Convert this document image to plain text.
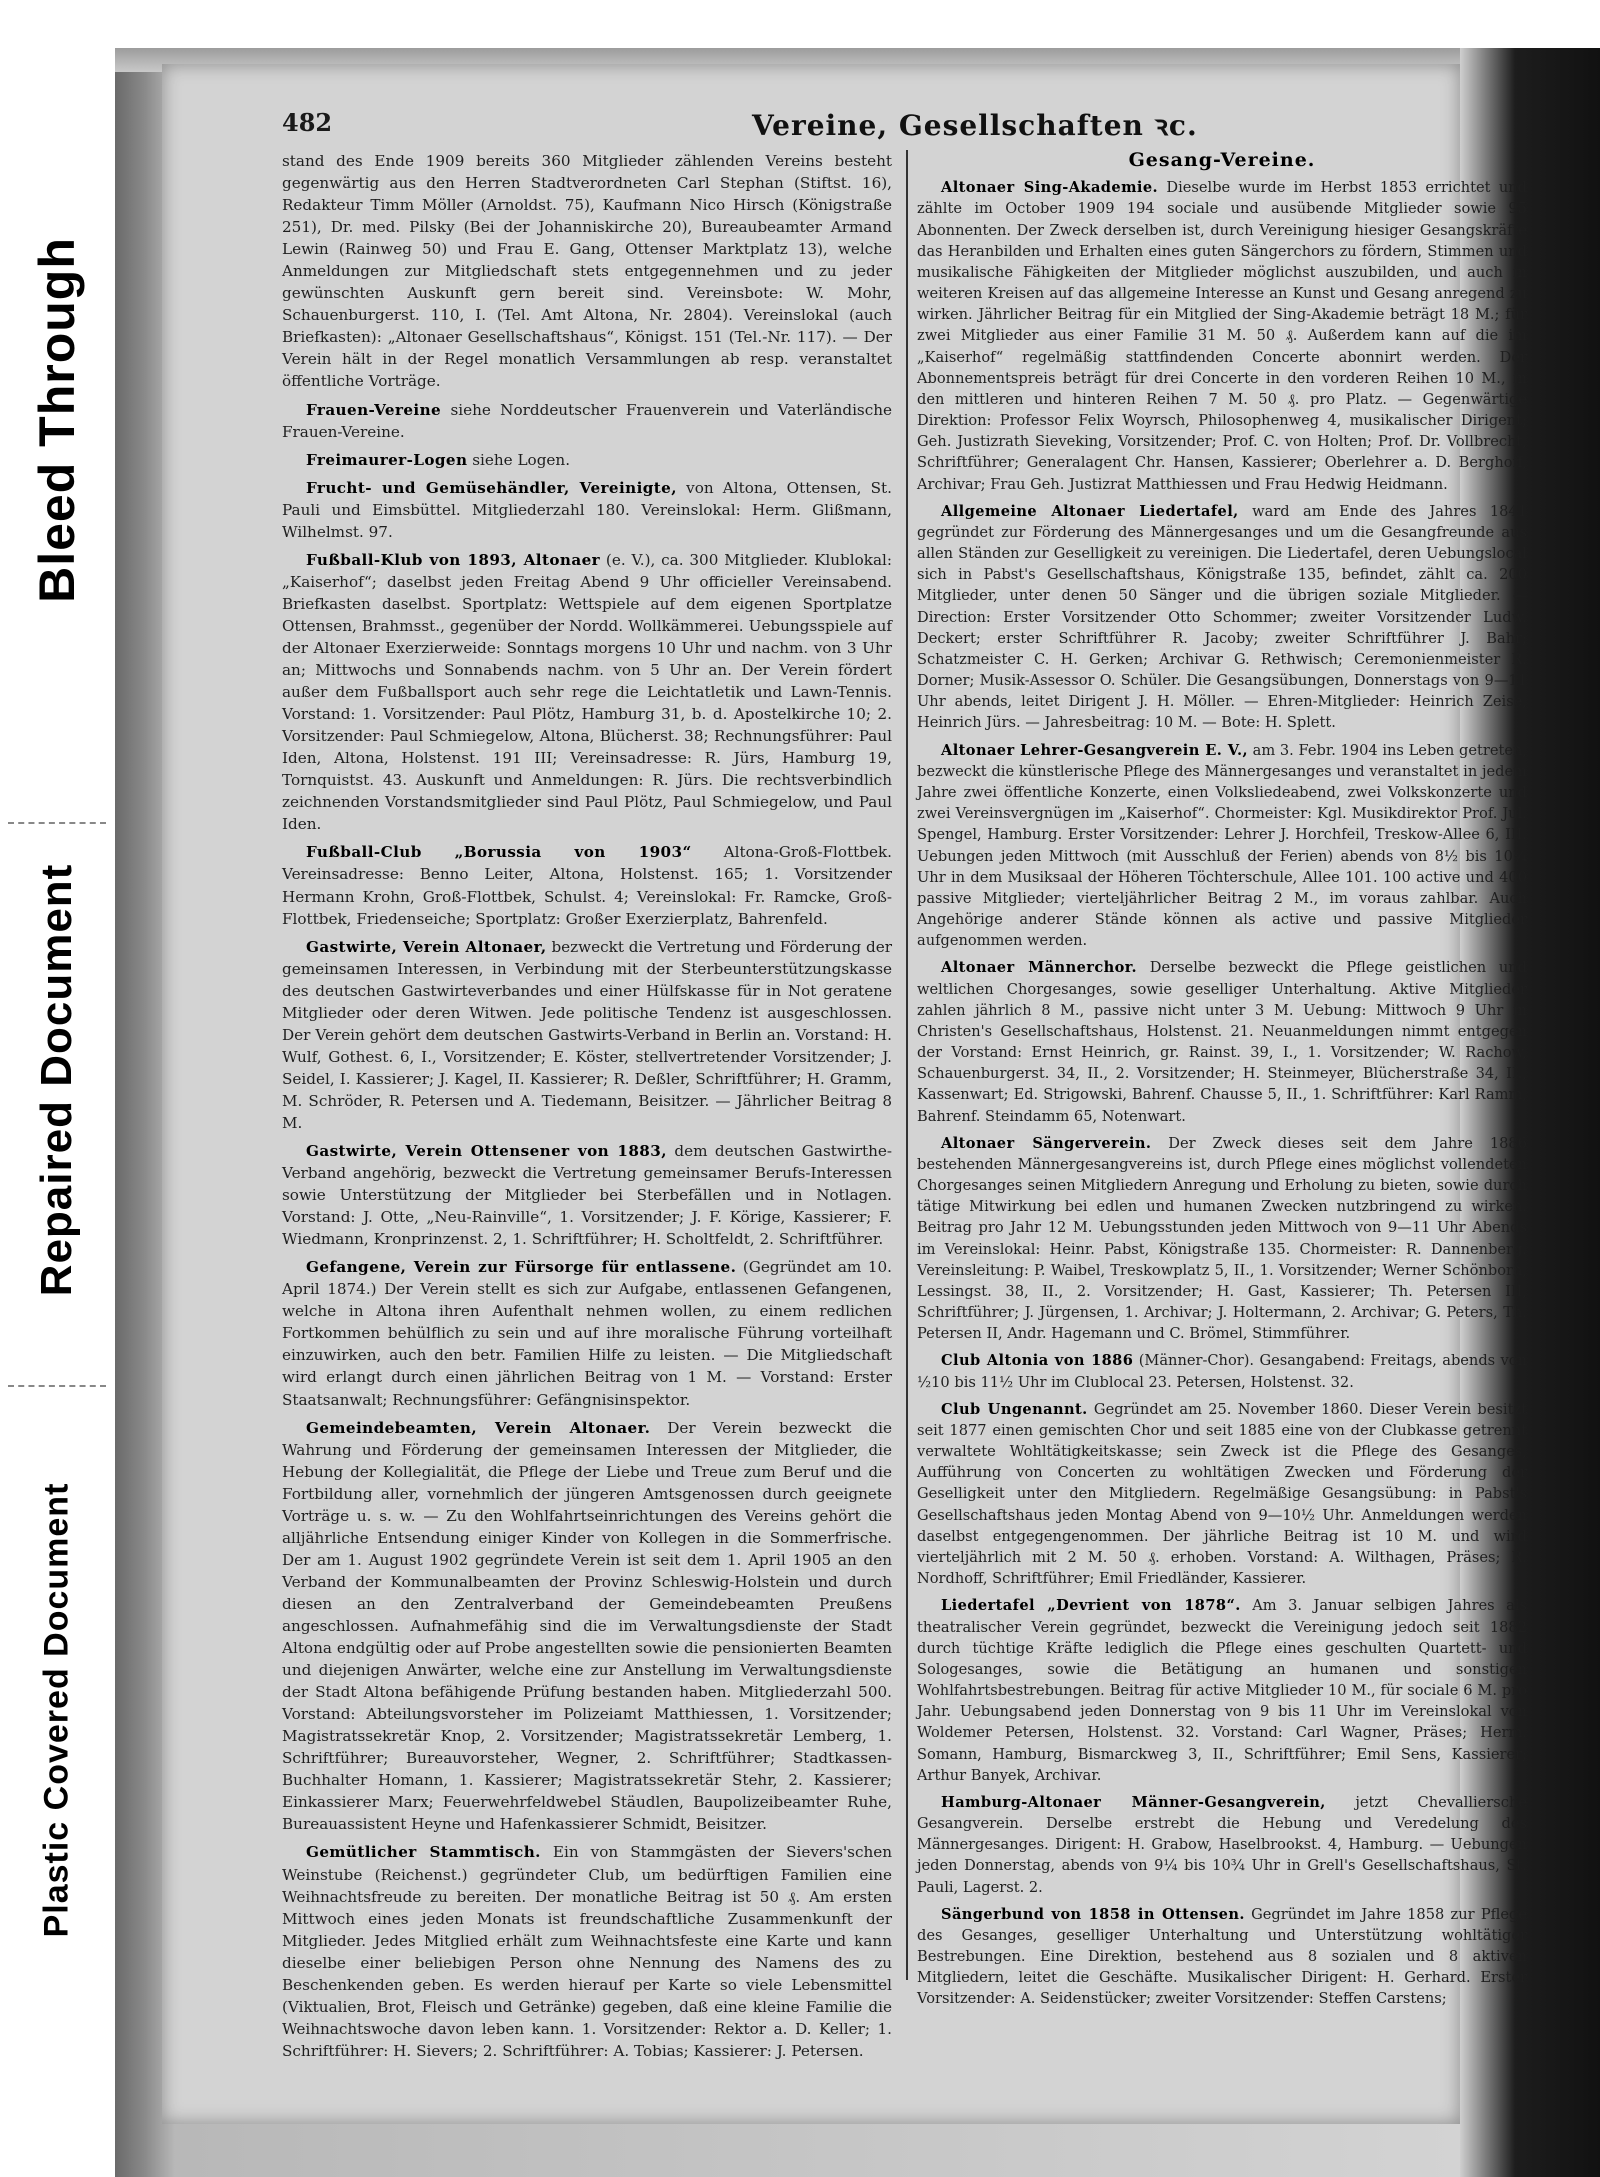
Bleed Through
Repaired Document
Plastic Covered Document
482	Vereine, Gesellschaften ꝛc.

stand des Ende 1909 bereits 360 Mitglieder zählenden Vereins besteht gegenwärtig aus den Herren Stadtverordneten Carl Stephan (Stiftst. 16), Redakteur Timm Möller (Arnoldst. 75), Kaufmann Nico Hirsch (Königstraße 251), Dr. med. Pilsky (Bei der Johanniskirche 20), Bureaubeamter Armand Lewin (Rainweg 50) und Frau E. Gang, Ottenser Marktplatz 13), welche Anmeldungen zur Mitgliedschaft stets entgegennehmen und zu jeder gewünschten Auskunft gern bereit sind. Vereinsbote: W. Mohr, Schauenburgerst. 110, I. (Tel. Amt Altona, Nr. 2804). Vereinslokal (auch Briefkasten): „Altonaer Gesellschaftshaus“, Königst. 151 (Tel.-Nr. 117). — Der Verein hält in der Regel monatlich Versammlungen ab resp. veranstaltet öffentliche Vorträge.

Frauen-Vereine siehe Norddeutscher Frauenverein und Vaterländische Frauen-Vereine.

Freimaurer-Logen siehe Logen.

Frucht- und Gemüsehändler, Vereinigte, von Altona, Ottensen, St. Pauli und Eimsbüttel. Mitgliederzahl 180. Vereinslokal: Herm. Glißmann, Wilhelmst. 97.

Fußball-Klub von 1893, Altonaer (e. V.), ca. 300 Mitglieder. Klublokal: „Kaiserhof“; daselbst jeden Freitag Abend 9 Uhr officieller Vereinsabend. Briefkasten daselbst. Sportplatz: Wettspiele auf dem eigenen Sportplatze Ottensen, Brahmsst., gegenüber der Nordd. Wollkämmerei. Uebungsspiele auf der Altonaer Exerzierweide: Sonntags morgens 10 Uhr und nachm. von 3 Uhr an; Mittwochs und Sonnabends nachm. von 5 Uhr an. Der Verein fördert außer dem Fußballsport auch sehr rege die Leichtatletik und Lawn-Tennis. Vorstand: 1. Vorsitzender: Paul Plötz, Hamburg 31, b. d. Apostelkirche 10; 2. Vorsitzender: Paul Schmiegelow, Altona, Blücherst. 38; Rechnungsführer: Paul Iden, Altona, Holstenst. 191 III; Vereinsadresse: R. Jürs, Hamburg 19, Tornquistst. 43. Auskunft und Anmeldungen: R. Jürs. Die rechtsverbindlich zeichnenden Vorstandsmitglieder sind Paul Plötz, Paul Schmiegelow, und Paul Iden.

Fußball-Club „Borussia von 1903“ Altona-Groß-Flottbek. Vereinsadresse: Benno Leiter, Altona, Holstenst. 165; 1. Vorsitzender Hermann Krohn, Groß-Flottbek, Schulst. 4; Vereinslokal: Fr. Ramcke, Groß-Flottbek, Friedenseiche; Sportplatz: Großer Exerzierplatz, Bahrenfeld.

Gastwirte, Verein Altonaer, bezweckt die Vertretung und Förderung der gemeinsamen Interessen, in Verbindung mit der Sterbeunterstützungskasse des deutschen Gastwirteverbandes und einer Hülfskasse für in Not geratene Mitglieder oder deren Witwen. Jede politische Tendenz ist ausgeschlossen. Der Verein gehört dem deutschen Gastwirts-Verband in Berlin an. Vorstand: H. Wulf, Gothest. 6, I., Vorsitzender; E. Köster, stellvertretender Vorsitzender; J. Seidel, I. Kassierer; J. Kagel, II. Kassierer; R. Deßler, Schriftführer; H. Gramm, M. Schröder, R. Petersen und A. Tiedemann, Beisitzer. — Jährlicher Beitrag 8 M.

Gastwirte, Verein Ottensener von 1883, dem deutschen Gastwirthe-Verband angehörig, bezweckt die Vertretung gemeinsamer Berufs-Interessen sowie Unterstützung der Mitglieder bei Sterbefällen und in Notlagen. Vorstand: J. Otte, „Neu-Rainville“, 1. Vorsitzender; J. F. Körige, Kassierer; F. Wiedmann, Kronprinzenst. 2, 1. Schriftführer; H. Scholtfeldt, 2. Schriftführer.

Gefangene, Verein zur Fürsorge für entlassene. (Gegründet am 10. April 1874.) Der Verein stellt es sich zur Aufgabe, entlassenen Gefangenen, welche in Altona ihren Aufenthalt nehmen wollen, zu einem redlichen Fortkommen behülflich zu sein und auf ihre moralische Führung vorteilhaft einzuwirken, auch den betr. Familien Hilfe zu leisten. — Die Mitgliedschaft wird erlangt durch einen jährlichen Beitrag von 1 M. — Vorstand: Erster Staatsanwalt; Rechnungsführer: Gefängnisinspektor.

Gemeindebeamten, Verein Altonaer. Der Verein bezweckt die Wahrung und Förderung der gemeinsamen Interessen der Mitglieder, die Hebung der Kollegialität, die Pflege der Liebe und Treue zum Beruf und die Fortbildung aller, vornehmlich der jüngeren Amtsgenossen durch geeignete Vorträge u. s. w. — Zu den Wohlfahrtseinrichtungen des Vereins gehört die alljährliche Entsendung einiger Kinder von Kollegen in die Sommerfrische. Der am 1. August 1902 gegründete Verein ist seit dem 1. April 1905 an den Verband der Kommunalbeamten der Provinz Schleswig-Holstein und durch diesen an den Zentralverband der Gemeindebeamten Preußens angeschlossen. Aufnahmefähig sind die im Verwaltungsdienste der Stadt Altona endgültig oder auf Probe angestellten sowie die pensionierten Beamten und diejenigen Anwärter, welche eine zur Anstellung im Verwaltungsdienste der Stadt Altona befähigende Prüfung bestanden haben. Mitgliederzahl 500. Vorstand: Abteilungsvorsteher im Polizeiamt Matthiessen, 1. Vorsitzender; Magistratssekretär Knop, 2. Vorsitzender; Magistratssekretär Lemberg, 1. Schriftführer; Bureauvorsteher, Wegner, 2. Schriftführer; Stadtkassen-Buchhalter Homann, 1. Kassierer; Magistratssekretär Stehr, 2. Kassierer; Einkassierer Marx; Feuerwehrfeldwebel Stäudlen, Baupolizeibeamter Ruhe, Bureauassistent Heyne und Hafenkassierer Schmidt, Beisitzer.

Gemütlicher Stammtisch. Ein von Stammgästen der Sievers'schen Weinstube (Reichenst.) gegründeter Club, um bedürftigen Familien eine Weihnachtsfreude zu bereiten. Der monatliche Beitrag ist 50 ₰. Am ersten Mittwoch eines jeden Monats ist freundschaftliche Zusammenkunft der Mitglieder. Jedes Mitglied erhält zum Weihnachtsfeste eine Karte und kann dieselbe einer beliebigen Person ohne Nennung des Namens des zu Beschenkenden geben. Es werden hierauf per Karte so viele Lebensmittel (Viktualien, Brot, Fleisch und Getränke) gegeben, daß eine kleine Familie die Weihnachtswoche davon leben kann. 1. Vorsitzender: Rektor a. D. Keller; 1. Schriftführer: H. Sievers; 2. Schriftführer: A. Tobias; Kassierer: J. Petersen.

Gesang-Vereine.

Altonaer Sing-Akademie. Dieselbe wurde im Herbst 1853 errichtet und zählte im October 1909 194 sociale und ausübende Mitglieder sowie 95 Abonnenten. Der Zweck derselben ist, durch Vereinigung hiesiger Gesangskräfte das Heranbilden und Erhalten eines guten Sängerchors zu fördern, Stimmen und musikalische Fähigkeiten der Mitglieder möglichst auszubilden, und auch in weiteren Kreisen auf das allgemeine Interesse an Kunst und Gesang anregend zu wirken. Jährlicher Beitrag für ein Mitglied der Sing-Akademie beträgt 18 M.; für zwei Mitglieder aus einer Familie 31 M. 50 ₰. Außerdem kann auf die im „Kaiserhof“ regelmäßig stattfindenden Concerte abonnirt werden. Der Abonnementspreis beträgt für drei Concerte in den vorderen Reihen 10 M., in den mittleren und hinteren Reihen 7 M. 50 ₰. pro Platz. — Gegenwärtige Direktion: Professor Felix Woyrsch, Philosophenweg 4, musikalischer Dirigent; Geh. Justizrath Sieveking, Vorsitzender; Prof. C. von Holten; Prof. Dr. Vollbrecht, Schriftführer; Generalagent Chr. Hansen, Kassierer; Oberlehrer a. D. Berghoff, Archivar; Frau Geh. Justizrat Matthiessen und Frau Hedwig Heidmann.

Allgemeine Altonaer Liedertafel, ward am Ende des Jahres 1841 gegründet zur Förderung des Männergesanges und um die Gesangfreunde aus allen Ständen zur Geselligkeit zu vereinigen. Die Liedertafel, deren Uebungslocal sich in Pabst's Gesellschaftshaus, Königstraße 135, befindet, zählt ca. 200 Mitglieder, unter denen 50 Sänger und die übrigen soziale Mitglieder. — Direction: Erster Vorsitzender Otto Schommer; zweiter Vorsitzender Ludw. Deckert; erster Schriftführer R. Jacoby; zweiter Schriftführer J. Bahr; Schatzmeister C. H. Gerken; Archivar G. Rethwisch; Ceremonienmeister R. Dorner; Musik-Assessor O. Schüler. Die Gesangsübungen, Donnerstags von 9—11 Uhr abends, leitet Dirigent J. H. Möller. — Ehren-Mitglieder: Heinrich Zeise, Heinrich Jürs. — Jahresbeitrag: 10 M. — Bote: H. Splett.

Altonaer Lehrer-Gesangverein E. V., am 3. Febr. 1904 ins Leben getreten, bezweckt die künstlerische Pflege des Männergesanges und veranstaltet in jedem Jahre zwei öffentliche Konzerte, einen Volksliedeabend, zwei Volkskonzerte und zwei Vereinsvergnügen im „Kaiserhof“. Chormeister: Kgl. Musikdirektor Prof. Jul. Spengel, Hamburg. Erster Vorsitzender: Lehrer J. Horchfeil, Treskow-Allee 6, III. Uebungen jeden Mittwoch (mit Ausschluß der Ferien) abends von 8½ bis 10¼ Uhr in dem Musiksaal der Höheren Töchterschule, Allee 101. 100 active und 400 passive Mitglieder; vierteljährlicher Beitrag 2 M., im voraus zahlbar. Auch Angehörige anderer Stände können als active und passive Mitglieder aufgenommen werden.

Altonaer Männerchor. Derselbe bezweckt die Pflege geistlichen und weltlichen Chorgesanges, sowie geselliger Unterhaltung. Aktive Mitglieder zahlen jährlich 8 M., passive nicht unter 3 M. Uebung: Mittwoch 9 Uhr in Christen's Gesellschaftshaus, Holstenst. 21. Neuanmeldungen nimmt entgegen der Vorstand: Ernst Heinrich, gr. Rainst. 39, I., 1. Vorsitzender; W. Rachow, Schauenburgerst. 34, II., 2. Vorsitzender; H. Steinmeyer, Blücherstraße 34, II., Kassenwart; Ed. Strigowski, Bahrenf. Chausse 5, II., 1. Schriftführer: Karl Ramm, Bahrenf. Steindamm 65, Notenwart.

Altonaer Sängerverein. Der Zweck dieses seit dem Jahre 1886 bestehenden Männergesangvereins ist, durch Pflege eines möglichst vollendeten Chorgesanges seinen Mitgliedern Anregung und Erholung zu bieten, sowie durch tätige Mitwirkung bei edlen und humanen Zwecken nutzbringend zu wirken. Beitrag pro Jahr 12 M. Uebungsstunden jeden Mittwoch von 9—11 Uhr Abends im Vereinslokal: Heinr. Pabst, Königstraße 135. Chormeister: R. Dannenberg. Vereinsleitung: P. Waibel, Treskowplatz 5, II., 1. Vorsitzender; Werner Schönborn, Lessingst. 38, II., 2. Vorsitzender; H. Gast, Kassierer; Th. Petersen III, Schriftführer; J. Jürgensen, 1. Archivar; J. Holtermann, 2. Archivar; G. Peters, Th. Petersen II, Andr. Hagemann und C. Brömel, Stimmführer.

Club Altonia von 1886 (Männer-Chor). Gesangabend: Freitags, abends von ½10 bis 11½ Uhr im Clublocal 23. Petersen, Holstenst. 32.

Club Ungenannt. Gegründet am 25. November 1860. Dieser Verein besitzt seit 1877 einen gemischten Chor und seit 1885 eine von der Clubkasse getrennt verwaltete Wohltätigkeitskasse; sein Zweck ist die Pflege des Gesanges, Aufführung von Concerten zu wohltätigen Zwecken und Förderung der Geselligkeit unter den Mitgliedern. Regelmäßige Gesangsübung: in Pabst's Gesellschaftshaus jeden Montag Abend von 9—10½ Uhr. Anmeldungen werden daselbst entgegengenommen. Der jährliche Beitrag ist 10 M. und wird vierteljährlich mit 2 M. 50 ₰. erhoben. Vorstand: A. Wilthagen, Präses; R. Nordhoff, Schriftführer; Emil Friedländer, Kassierer.

Liedertafel „Devrient von 1878“. Am 3. Januar selbigen Jahres als theatralischer Verein gegründet, bezweckt die Vereinigung jedoch seit 1882 durch tüchtige Kräfte lediglich die Pflege eines geschulten Quartett- und Sologesanges, sowie die Betätigung an humanen und sonstigen Wohlfahrtsbestrebungen. Beitrag für active Mitglieder 10 M., für sociale 6 M. pro Jahr. Uebungsabend jeden Donnerstag von 9 bis 11 Uhr im Vereinslokal von Woldemer Petersen, Holstenst. 32. Vorstand: Carl Wagner, Präses; Herm. Somann, Hamburg, Bismarckweg 3, II., Schriftführer; Emil Sens, Kassierer; Arthur Banyek, Archivar.

Hamburg-Altonaer Männer-Gesangverein, jetzt Chevalliersche Gesangverein. Derselbe erstrebt die Hebung und Veredelung des Männergesanges. Dirigent: H. Grabow, Haselbrookst. 4, Hamburg. — Uebungen jeden Donnerstag, abends von 9¼ bis 10¾ Uhr in Grell's Gesellschaftshaus, St. Pauli, Lagerst. 2.

Sängerbund von 1858 in Ottensen. Gegründet im Jahre 1858 zur Pflege des Gesanges, geselliger Unterhaltung und Unterstützung wohltätiger Bestrebungen. Eine Direktion, bestehend aus 8 sozialen und 8 aktiven Mitgliedern, leitet die Geschäfte. Musikalischer Dirigent: H. Gerhard. Erster Vorsitzender: A. Seidenstücker; zweiter Vorsitzender: Steffen Carstens;
